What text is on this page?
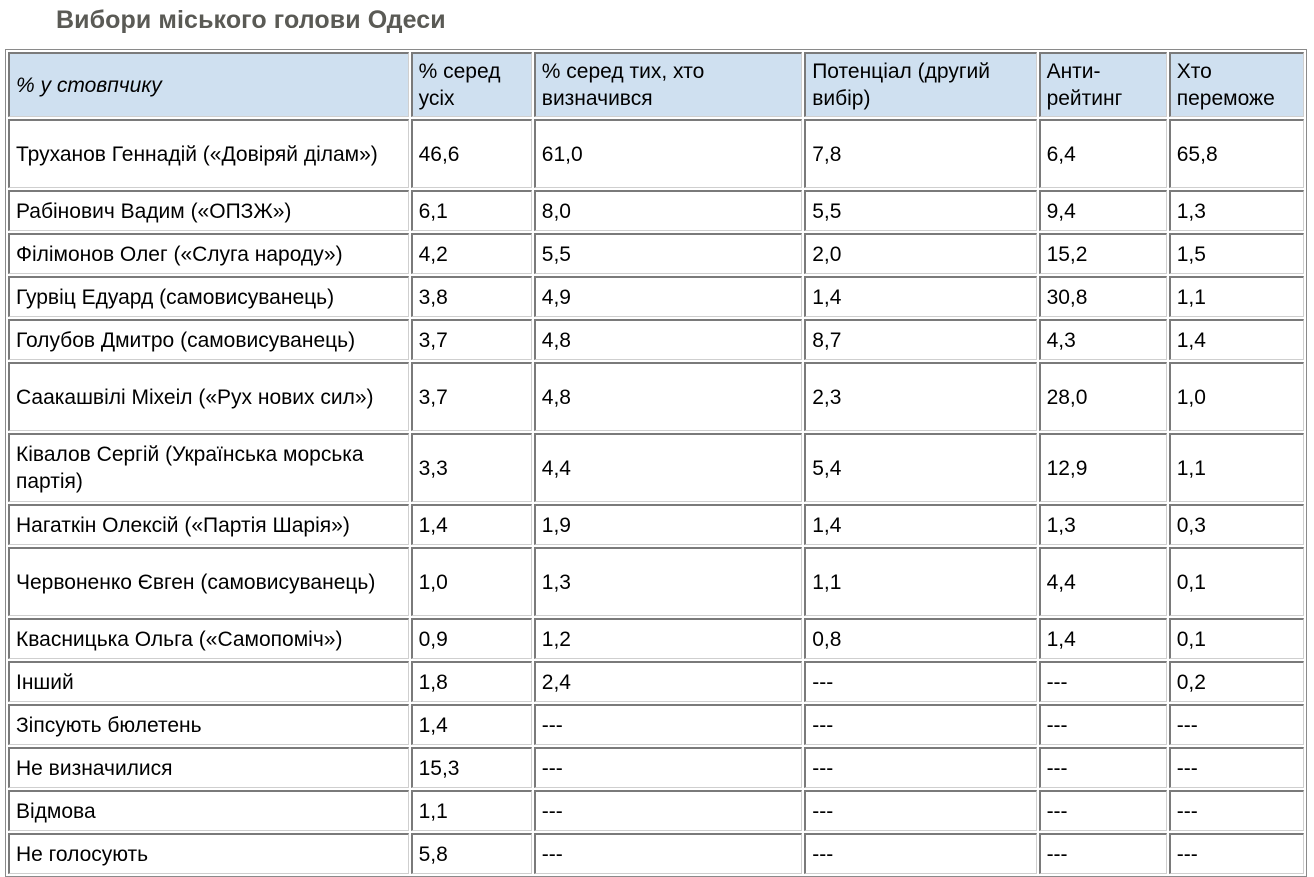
Вибори міського голови Одеси
% у стовпчику	% серед усіх	% серед тих, хто визначився	Потенціал (другий вибір)	Анти-рейтинг	Хто переможе
Труханов Геннадій («Довіряй ділам»)	46,6	61,0	7,8	6,4	65,8
Рабінович Вадим («ОПЗЖ»)	6,1	8,0	5,5	9,4	1,3
Філімонов Олег («Слуга народу»)	4,2	5,5	2,0	15,2	1,5
Гурвіц Едуард (самовисуванець)	3,8	4,9	1,4	30,8	1,1
Голубов Дмитро (самовисуванець)	3,7	4,8	8,7	4,3	1,4
Саакашвілі Міхеіл («Рух нових сил»)	3,7	4,8	2,3	28,0	1,0
Ківалов Сергій (Українська морська партія)	3,3	4,4	5,4	12,9	1,1
Нагаткін Олексій («Партія Шарія»)	1,4	1,9	1,4	1,3	0,3
Червоненко Євген (самовисуванець)	1,0	1,3	1,1	4,4	0,1
Квасницька Ольга («Самопоміч»)	0,9	1,2	0,8	1,4	0,1
Інший	1,8	2,4	---	---	0,2
Зіпсують бюлетень	1,4	---	---	---	---
Не визначилися	15,3	---	---	---	---
Відмова	1,1	---	---	---	---
Не голосують	5,8	---	---	---	---
